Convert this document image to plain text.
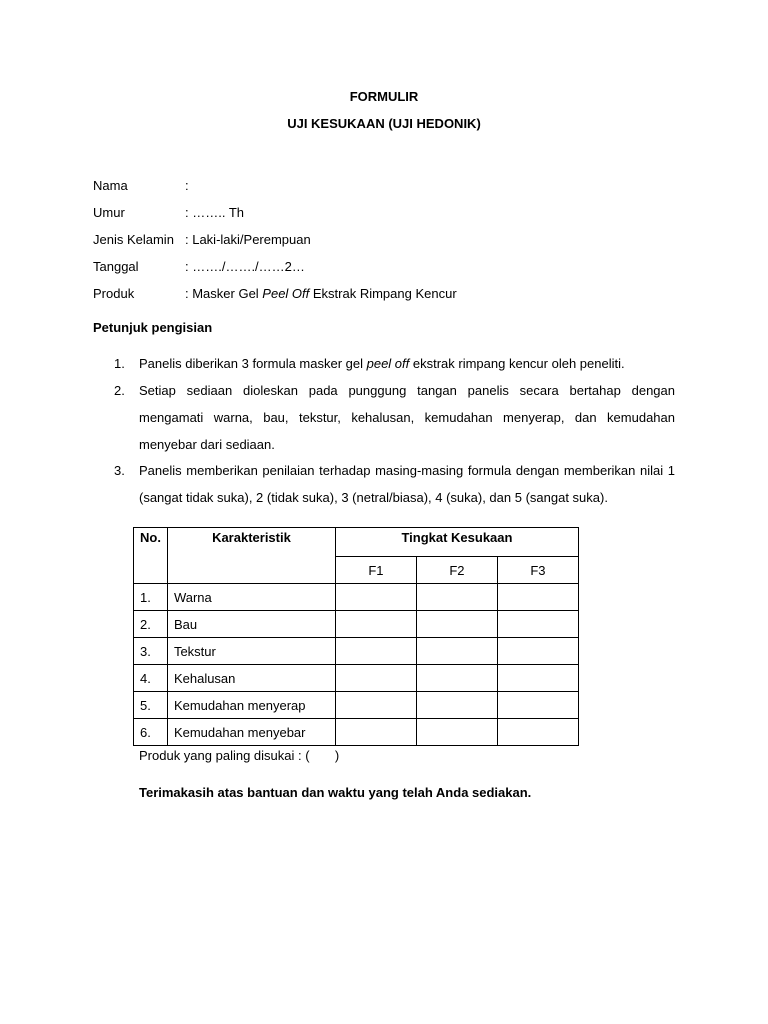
FORMULIR
UJI KESUKAAN (UJI HEDONIK)
Nama	:
Umur	: …….. Th
Jenis Kelamin : Laki-laki/Perempuan
Tanggal	: ……./……./……2…
Produk	: Masker Gel Peel Off Ekstrak Rimpang Kencur
Petunjuk pengisian
1. Panelis diberikan 3 formula masker gel peel off ekstrak rimpang kencur oleh peneliti.
2. Setiap sediaan dioleskan pada punggung tangan panelis secara bertahap dengan mengamati warna, bau, tekstur, kehalusan, kemudahan menyerap, dan kemudahan menyebar dari sediaan.
3. Panelis memberikan penilaian terhadap masing-masing formula dengan memberikan nilai 1 (sangat tidak suka), 2 (tidak suka), 3 (netral/biasa), 4 (suka), dan 5 (sangat suka).
No.	Karakteristik	Tingkat Kesukaan		
		F1	F2	F3
1.	Warna			
2.	Bau			
3.	Tekstur			
4.	Kehalusan			
5.	Kemudahan menyerap			
6.	Kemudahan menyebar			
Produk yang paling disukai : (       )
Terimakasih atas bantuan dan waktu yang telah Anda sediakan.
